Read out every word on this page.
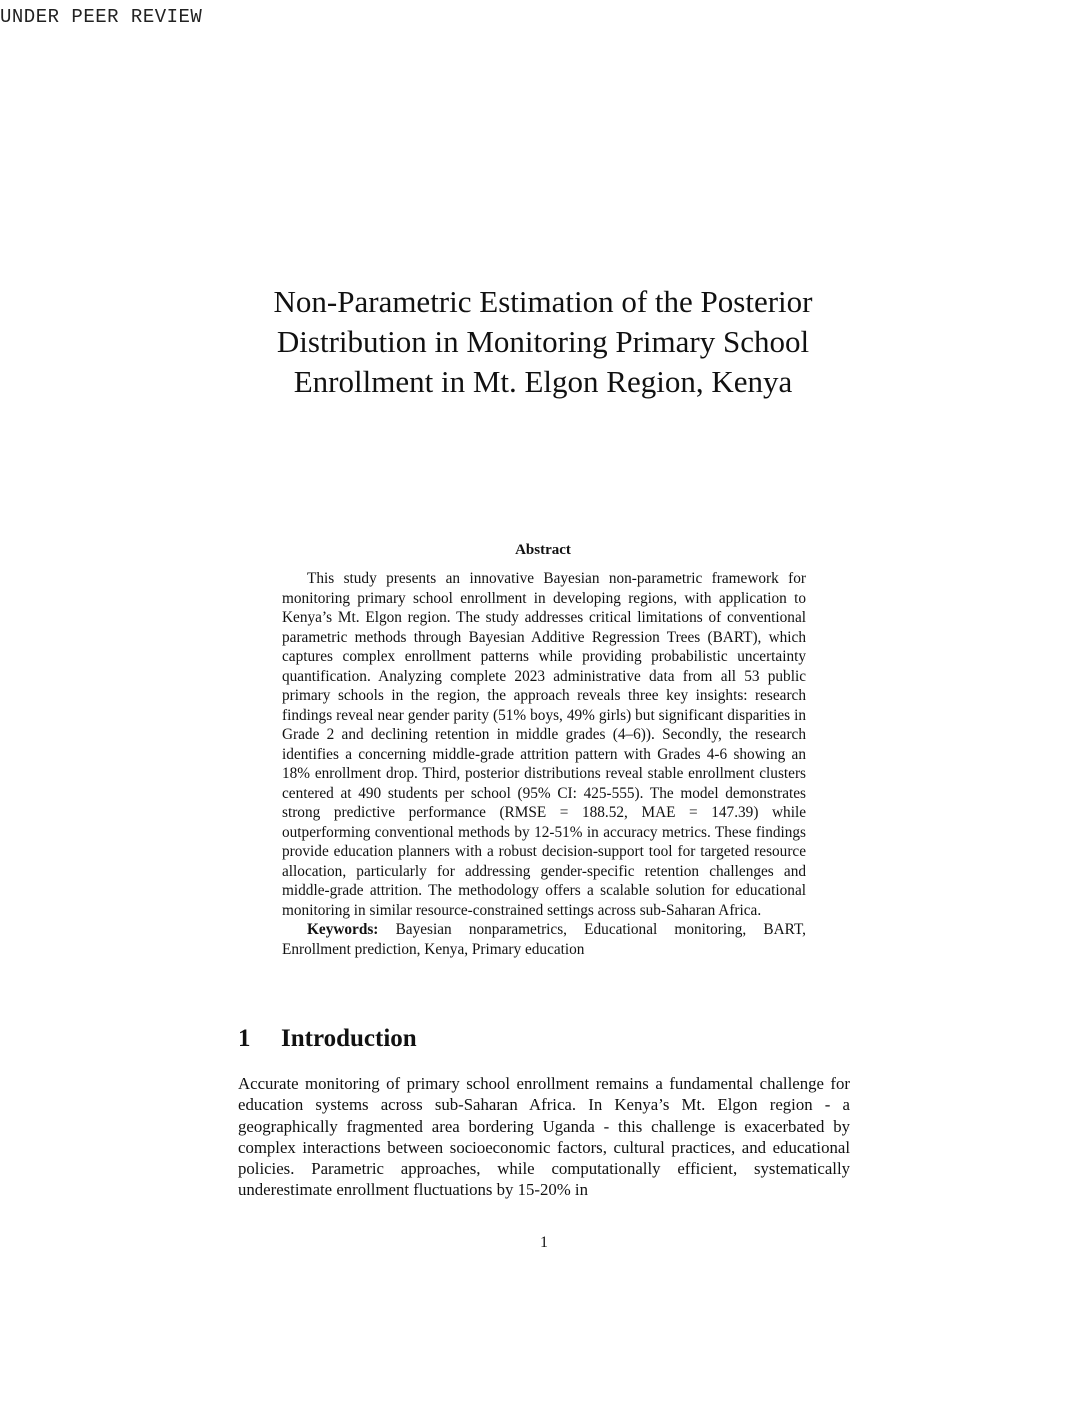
UNDER PEER REVIEW
Non-Parametric Estimation of the Posterior
Distribution in Monitoring Primary School
Enrollment in Mt. Elgon Region, Kenya
Abstract

This study presents an innovative Bayesian non-parametric framework for monitoring primary school enrollment in developing regions, with application to Kenya’s Mt. Elgon region. The study addresses critical limitations of conventional parametric methods through Bayesian Additive Regression Trees (BART), which captures complex enrollment patterns while providing probabilistic uncertainty quantification. Analyzing complete 2023 administrative data from all 53 public primary schools in the region, the approach reveals three key insights: research findings reveal near gender parity (51% boys, 49% girls) but significant disparities in Grade 2 and declining retention in middle grades (4–6)). Secondly, the research identifies a concerning middle-grade attrition pattern with Grades 4-6 showing an 18% enrollment drop. Third, posterior distributions reveal stable enrollment clusters centered at 490 students per school (95% CI: 425-555). The model demonstrates strong predictive performance (RMSE = 188.52, MAE = 147.39) while outperforming conventional methods by 12-51% in accuracy metrics. These findings provide education planners with a robust decision-support tool for targeted resource allocation, particularly for addressing gender-specific retention challenges and middle-grade attrition. The methodology offers a scalable solution for educational monitoring in similar resource-constrained settings across sub-Saharan Africa.

Keywords: Bayesian nonparametrics, Educational monitoring, BART, Enrollment prediction, Kenya, Primary education

1 Introduction

Accurate monitoring of primary school enrollment remains a fundamental challenge for education systems across sub-Saharan Africa. In Kenya’s Mt. Elgon region - a geographically fragmented area bordering Uganda - this challenge is exacerbated by complex interactions between socioeconomic factors, cultural practices, and educational policies. Parametric approaches, while computationally efficient, systematically underestimate enrollment fluctuations by 15-20% in

1
